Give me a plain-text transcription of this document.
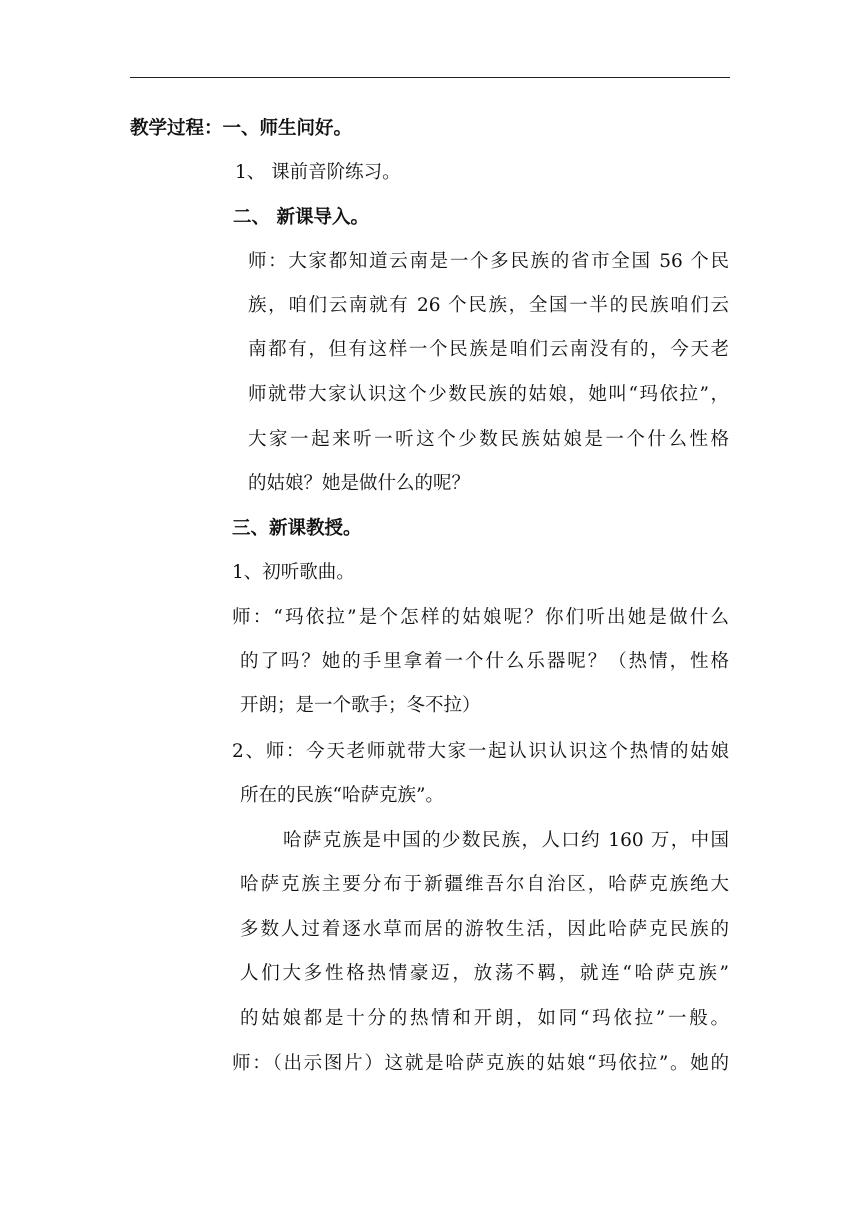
教学过程：一、师生问好。
1、 课前音阶练习。
二、 新课导入。
师：大家都知道云南是一个多民族的省市全国 56 个民
族，咱们云南就有 26 个民族，全国一半的民族咱们云
南都有，但有这样一个民族是咱们云南没有的，今天老
师就带大家认识这个少数民族的姑娘，她叫“玛依拉”，
大家一起来听一听这个少数民族姑娘是一个什么性格
的姑娘？她是做什么的呢？
三、新课教授。
1、初听歌曲。
师：“玛依拉”是个怎样的姑娘呢？你们听出她是做什么
的了吗？她的手里拿着一个什么乐器呢？（热情，性格
开朗；是一个歌手；冬不拉）
2、师：今天老师就带大家一起认识认识这个热情的姑娘
所在的民族“哈萨克族”。
哈萨克族是中国的少数民族，人口约 160 万，中国
哈萨克族主要分布于新疆维吾尔自治区，哈萨克族绝大
多数人过着逐水草而居的游牧生活，因此哈萨克民族的
人们大多性格热情豪迈，放荡不羁，就连“哈萨克族”
的姑娘都是十分的热情和开朗，如同“玛依拉”一般。
师：（出示图片）这就是哈萨克族的姑娘“玛依拉”。她的
